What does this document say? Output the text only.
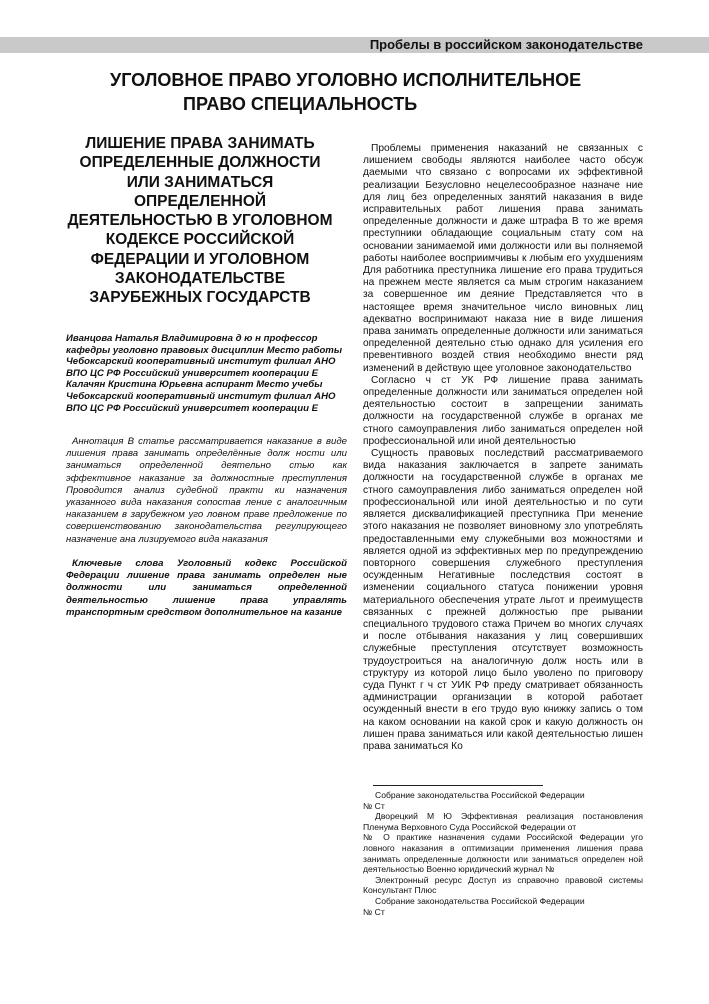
Пробелы в российском законодательстве
УГОЛОВНОЕ ПРАВО УГОЛОВНО ИСПОЛНИТЕЛЬНОЕ
ПРАВО СПЕЦИАЛЬНОСТЬ
ЛИШЕНИЕ ПРАВА ЗАНИМАТЬ ОПРЕДЕЛЕННЫЕ ДОЛЖНОСТИ ИЛИ ЗАНИМАТЬСЯ ОПРЕДЕЛЕННОЙ ДЕЯТЕЛЬНОСТЬЮ В УГОЛОВНОМ КОДЕКСЕ РОССИЙСКОЙ ФЕДЕРАЦИИ И УГОЛОВНОМ ЗАКОНОДАТЕЛЬСТВЕ ЗАРУБЕЖНЫХ ГОСУДАРСТВ

Иванцова Наталья Владимировна д ю н профессор кафедры уголовно правовых дисциплин Место работы Чебоксарский кооперативный институт филиал АНО ВПО ЦС РФ Российский университет кооперации Е

Калачян Кристина Юрьевна аспирант Место учебы Чебоксарский кооперативный институт филиал АНО ВПО ЦС РФ Российский университет кооперации Е

Аннотация В статье рассматривается наказание в виде лишения права занимать определённые долж ности или заниматься определенной деятельно стью как эффективное наказание за должностные преступления Проводится анализ судебной практи ки назначения указанного вида наказания сопостав ление с аналогичным наказанием в зарубежном уго ловном праве предложение по совершенствованию законодательства регулирующего назначение ана лизируемого вида наказания

Ключевые слова Уголовный кодекс Российской Федерации лишение права занимать определен ные должности или заниматься определенной деятельностью лишение права управлять транспортным средством дополнительное на казание

Проблемы применения наказаний не связанных с лишением свободы являются наиболее часто обсуж даемыми что связано с вопросами их эффективной реализации Безусловно нецелесообразное назначе ние для лиц без определенных занятий наказания в виде исправительных работ лишения права занимать определенные должности и даже штрафа В то же время преступники обладающие социальным стату сом на основании занимаемой ими должности или вы полняемой работы наиболее восприимчивы к любым его ухудшениям Для работника преступника лишение его права трудиться на прежнем месте является са мым строгим наказанием за совершенное им деяние Представляется что в настоящее время значительное число виновных лиц адекватно воспринимают наказа ние в виде лишения права занимать определенные должности или заниматься определенной деятельно стью однако для усиления его превентивного воздей ствия необходимо внести ряд изменений в действую щее уголовное законодательство

Согласно ч ст УК РФ лишение права занимать определенные должности или заниматься определен ной деятельностью состоит в запрещении занимать должности на государственной службе в органах ме стного самоуправления либо заниматься определен ной профессиональной или иной деятельностью

Сущность правовых последствий рассматриваемого вида наказания заключается в запрете занимать должности на государственной службе в органах ме стного самоуправления либо заниматься определен ной профессиональной или иной деятельностью и по сути является дисквалификацией преступника При менение этого наказания не позволяет виновному зло употреблять предоставленными ему служебными воз можностями и является одной из эффективных мер по предупреждению повторного совершения служебного преступления осужденным Негативные последствия состоят в изменении социального статуса понижении уровня материального обеспечения утрате льгот и преимуществ связанных с прежней должностью пре рывании специального трудового стажа Причем во многих случаях и после отбывания наказания у лиц совершивших служебные преступления отсутствует возможность трудоустроиться на аналогичную долж ность или в структуру из которой лицо было уволено по приговору суда Пункт г ч ст УИК РФ преду сматривает обязанность администрации организации в которой работает осужденный внести в его трудо вую книжку запись о том на каком основании на какой срок и какую должность он лишен права заниматься или какой деятельностью лишен права заниматься Ко

Собрание законодательства Российской Федерации

№ Ст

Дворецкий М Ю Эффективная реализация постановления Пленума Верховного Суда Российской Федерации от

№ О практике назначения судами Российской Федерации уго ловного наказания в оптимизации применения лишения права занимать определенные должности или заниматься определен ной деятельностью Военно юридический журнал №

Электронный ресурс Доступ из справочно правовой системы Консультант Плюс

Собрание законодательства Российской Федерации

№ Ст
